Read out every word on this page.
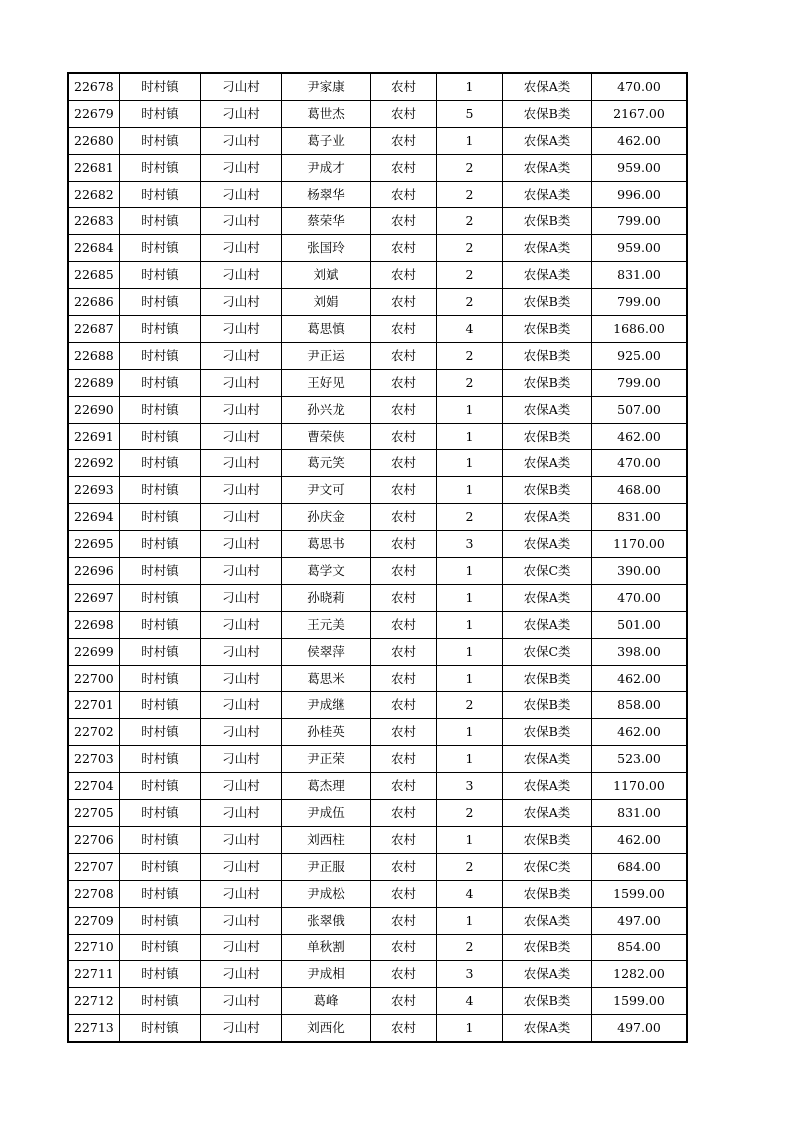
22678	时村镇	刁山村	尹家康	农村	1	农保A类	470.00
22679	时村镇	刁山村	葛世杰	农村	5	农保B类	2167.00
22680	时村镇	刁山村	葛子业	农村	1	农保A类	462.00
22681	时村镇	刁山村	尹成才	农村	2	农保A类	959.00
22682	时村镇	刁山村	杨翠华	农村	2	农保A类	996.00
22683	时村镇	刁山村	蔡荣华	农村	2	农保B类	799.00
22684	时村镇	刁山村	张国玲	农村	2	农保A类	959.00
22685	时村镇	刁山村	刘斌	农村	2	农保A类	831.00
22686	时村镇	刁山村	刘娟	农村	2	农保B类	799.00
22687	时村镇	刁山村	葛思慎	农村	4	农保B类	1686.00
22688	时村镇	刁山村	尹正运	农村	2	农保B类	925.00
22689	时村镇	刁山村	王好见	农村	2	农保B类	799.00
22690	时村镇	刁山村	孙兴龙	农村	1	农保A类	507.00
22691	时村镇	刁山村	曹荣侠	农村	1	农保B类	462.00
22692	时村镇	刁山村	葛元笑	农村	1	农保A类	470.00
22693	时村镇	刁山村	尹文可	农村	1	农保B类	468.00
22694	时村镇	刁山村	孙庆金	农村	2	农保A类	831.00
22695	时村镇	刁山村	葛思书	农村	3	农保A类	1170.00
22696	时村镇	刁山村	葛学文	农村	1	农保C类	390.00
22697	时村镇	刁山村	孙晓莉	农村	1	农保A类	470.00
22698	时村镇	刁山村	王元美	农村	1	农保A类	501.00
22699	时村镇	刁山村	侯翠萍	农村	1	农保C类	398.00
22700	时村镇	刁山村	葛思米	农村	1	农保B类	462.00
22701	时村镇	刁山村	尹成继	农村	2	农保B类	858.00
22702	时村镇	刁山村	孙桂英	农村	1	农保B类	462.00
22703	时村镇	刁山村	尹正荣	农村	1	农保A类	523.00
22704	时村镇	刁山村	葛杰理	农村	3	农保A类	1170.00
22705	时村镇	刁山村	尹成伍	农村	2	农保A类	831.00
22706	时村镇	刁山村	刘西柱	农村	1	农保B类	462.00
22707	时村镇	刁山村	尹正服	农村	2	农保C类	684.00
22708	时村镇	刁山村	尹成松	农村	4	农保B类	1599.00
22709	时村镇	刁山村	张翠俄	农村	1	农保A类	497.00
22710	时村镇	刁山村	单秋割	农村	2	农保B类	854.00
22711	时村镇	刁山村	尹成相	农村	3	农保A类	1282.00
22712	时村镇	刁山村	葛峰	农村	4	农保B类	1599.00
22713	时村镇	刁山村	刘西化	农村	1	农保A类	497.00
